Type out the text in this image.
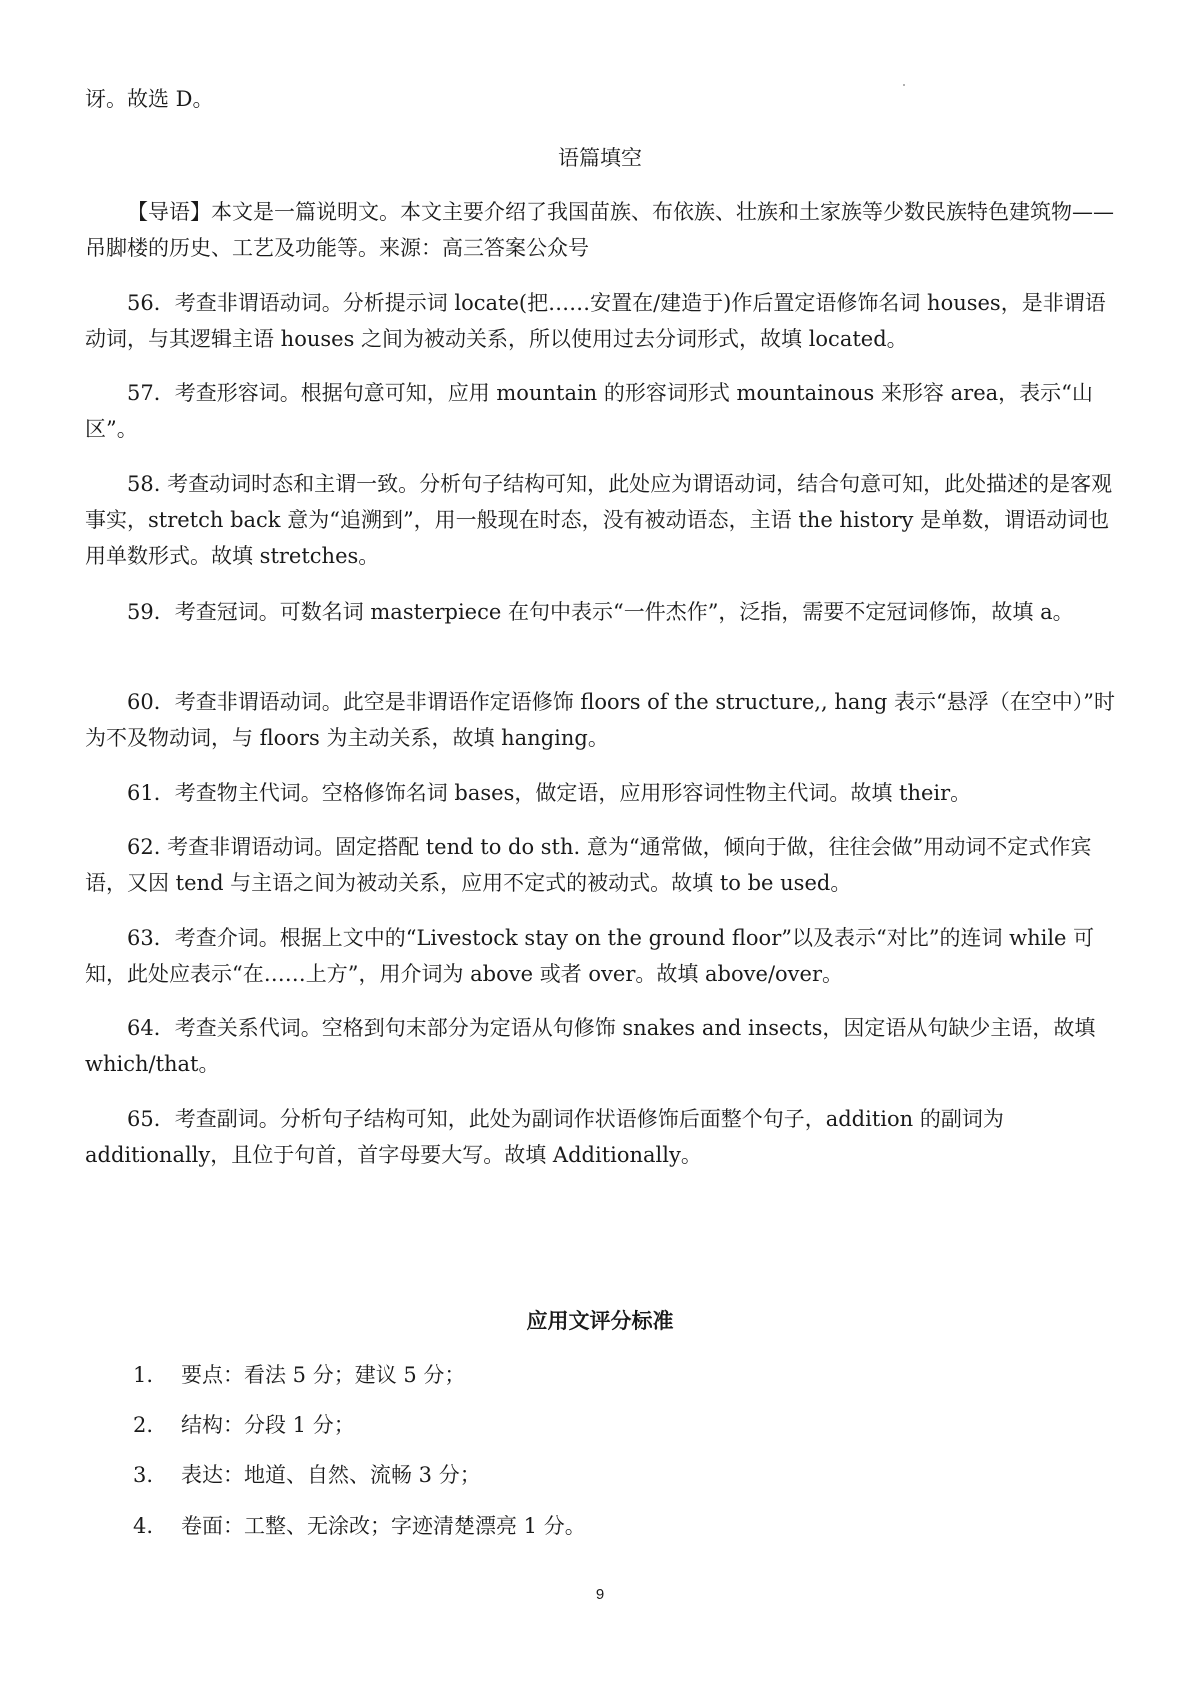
讶。故选 D。

语篇填空

【导语】本文是一篇说明文。本文主要介绍了我国苗族、布依族、壮族和土家族等少数民族特色建筑物——吊脚楼的历史、工艺及功能等。来源：高三答案公众号

56．考查非谓语动词。分析提示词 locate(把……安置在/建造于)作后置定语修饰名词 houses，是非谓语动词，与其逻辑主语 houses 之间为被动关系，所以使用过去分词形式，故填 located。

57．考查形容词。根据句意可知，应用 mountain 的形容词形式 mountainous 来形容 area，表示“山区”。

58. 考查动词时态和主谓一致。分析句子结构可知，此处应为谓语动词，结合句意可知，此处描述的是客观事实，stretch back 意为“追溯到”，用一般现在时态，没有被动语态，主语 the history 是单数，谓语动词也用单数形式。故填 stretches。

59．考查冠词。可数名词 masterpiece 在句中表示“一件杰作”，泛指，需要不定冠词修饰，故填 a。

60．考查非谓语动词。此空是非谓语作定语修饰 floors of the structure,, hang 表示“悬浮（在空中）”时为不及物动词，与 floors 为主动关系，故填 hanging。

61．考查物主代词。空格修饰名词 bases，做定语，应用形容词性物主代词。故填 their。

62. 考查非谓语动词。固定搭配 tend to do sth. 意为“通常做，倾向于做，往往会做”用动词不定式作宾语，又因 tend 与主语之间为被动关系，应用不定式的被动式。故填 to be used。

63．考查介词。根据上文中的“Livestock stay on the ground floor”以及表示“对比”的连词 while 可知，此处应表示“在……上方”，用介词为 above 或者 over。故填 above/over。

64．考查关系代词。空格到句末部分为定语从句修饰 snakes and insects，因定语从句缺少主语，故填 which/that。

65．考查副词。分析句子结构可知，此处为副词作状语修饰后面整个句子，addition 的副词为 additionally，且位于句首，首字母要大写。故填 Additionally。

应用文评分标准

1. 要点：看法 5 分；建议 5 分；

2. 结构：分段 1 分；

3. 表达：地道、自然、流畅 3 分；

4. 卷面：工整、无涂改；字迹清楚漂亮 1 分。

9
